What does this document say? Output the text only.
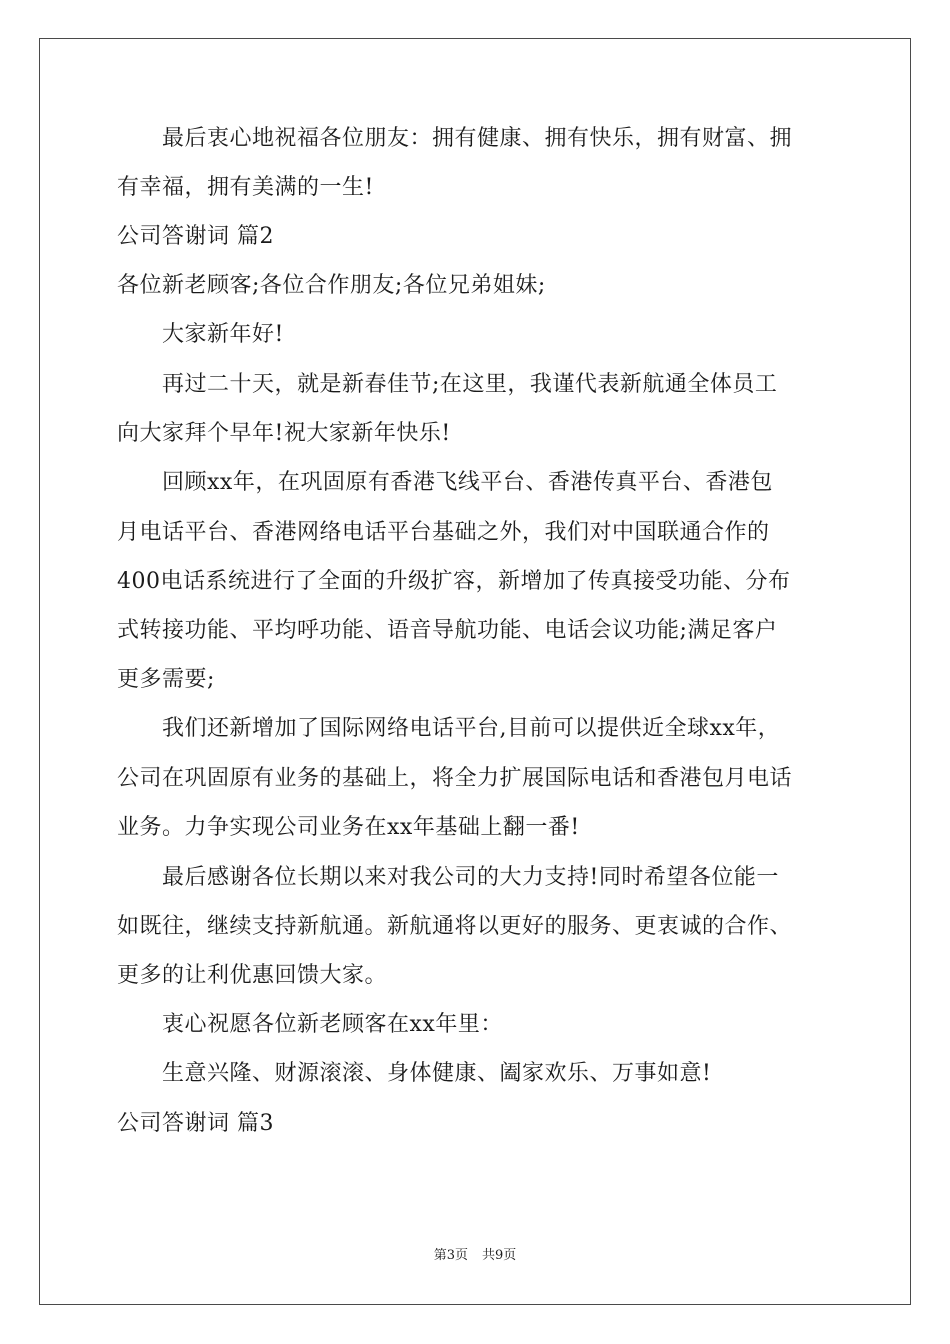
　　最后衷心地祝福各位朋友：拥有健康、拥有快乐，拥有财富、拥
有幸福，拥有美满的一生!
公司答谢词 篇2
各位新老顾客;各位合作朋友;各位兄弟姐妹;
　　大家新年好!
　　再过二十天，就是新春佳节;在这里，我谨代表新航通全体员工
向大家拜个早年!祝大家新年快乐!
　　回顾xx年，在巩固原有香港飞线平台、香港传真平台、香港包
月电话平台、香港网络电话平台基础之外，我们对中国联通合作的
400电话系统进行了全面的升级扩容，新增加了传真接受功能、分布
式转接功能、平均呼功能、语音导航功能、电话会议功能;满足客户
更多需要;
　　我们还新增加了国际网络电话平台,目前可以提供近全球xx年，
公司在巩固原有业务的基础上，将全力扩展国际电话和香港包月电话
业务。力争实现公司业务在xx年基础上翻一番!
　　最后感谢各位长期以来对我公司的大力支持!同时希望各位能一
如既往，继续支持新航通。新航通将以更好的服务、更衷诚的合作、
更多的让利优惠回馈大家。
　　衷心祝愿各位新老顾客在xx年里：
　　生意兴隆、财源滚滚、身体健康、阖家欢乐、万事如意!
公司答谢词 篇3
第3页 共9页
